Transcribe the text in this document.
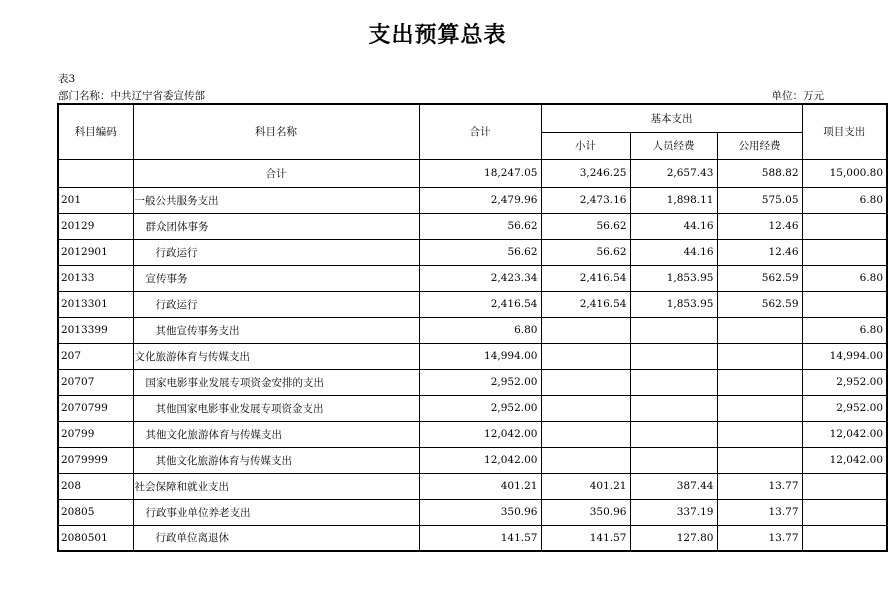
支出预算总表
表3
部门名称：中共辽宁省委宣传部	单位：万元
科目编码	科目名称	合计	基本支出			项目支出
			小计	人员经费	公用经费	
	合计	18,247.05	3,246.25	2,657.43	588.82	15,000.80
201	一般公共服务支出	2,479.96	2,473.16	1,898.11	575.05	6.80
20129	群众团体事务	56.62	56.62	44.16	12.46	
2012901	行政运行	56.62	56.62	44.16	12.46	
20133	宣传事务	2,423.34	2,416.54	1,853.95	562.59	6.80
2013301	行政运行	2,416.54	2,416.54	1,853.95	562.59	
2013399	其他宣传事务支出	6.80				6.80
207	文化旅游体育与传媒支出	14,994.00				14,994.00
20707	国家电影事业发展专项资金安排的支出	2,952.00				2,952.00
2070799	其他国家电影事业发展专项资金支出	2,952.00				2,952.00
20799	其他文化旅游体育与传媒支出	12,042.00				12,042.00
2079999	其他文化旅游体育与传媒支出	12,042.00				12,042.00
208	社会保障和就业支出	401.21	401.21	387.44	13.77	
20805	行政事业单位养老支出	350.96	350.96	337.19	13.77	
2080501	行政单位离退休	141.57	141.57	127.80	13.77	
